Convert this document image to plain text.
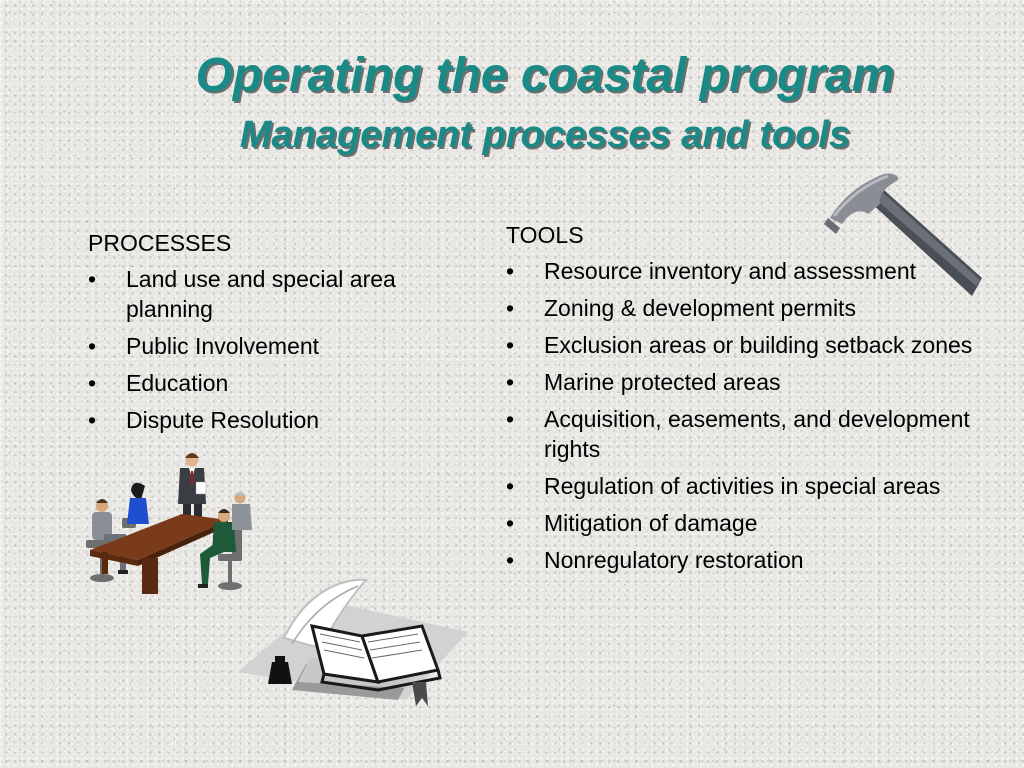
Operating the coastal program
Management processes and tools
PROCESSES
• Land use and special area planning
• Public Involvement
• Education
• Dispute Resolution
TOOLS
• Resource inventory and assessment
• Zoning & development permits
• Exclusion areas or building setback zones
• Marine protected areas
• Acquisition, easements, and development rights
• Regulation of activities in special areas
• Mitigation of damage
• Nonregulatory restoration
